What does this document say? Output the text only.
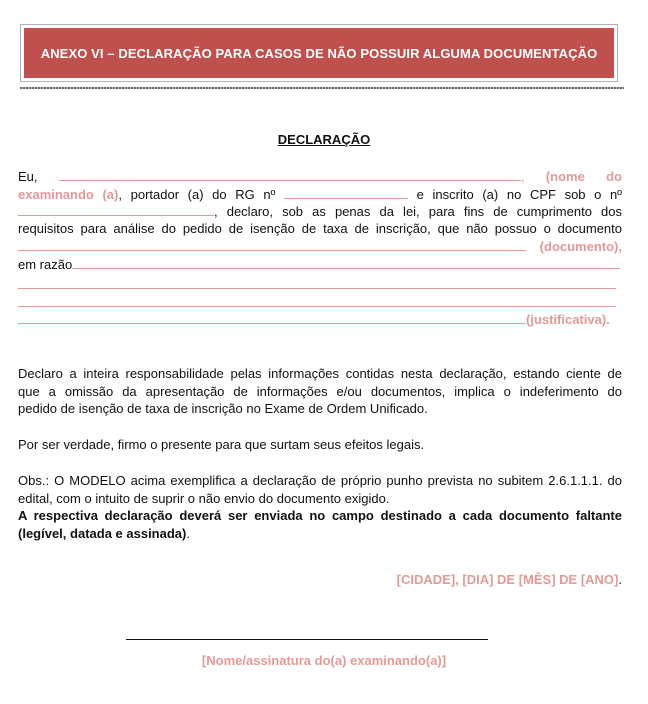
ANEXO VI – DECLARAÇÃO PARA CASOS DE NÃO POSSUIR ALGUMA DOCUMENTAÇÃO
DECLARAÇÃO

Eu,	, (nome do

examinando (a), portador (a) do RG nº	e inscrito (a) no CPF sob o nº

, declaro, sob as penas da lei, para fins de cumprimento dos

requisitos para análise do pedido de isenção de taxa de inscrição, que não possuo o documento

(documento),

em razão

(justificativa).

Declaro a inteira responsabilidade pelas informações contidas nesta declaração, estando ciente de

que a omissão da apresentação de informações e/ou documentos, implica o indeferimento do

pedido de isenção de taxa de inscrição no Exame de Ordem Unificado.

Por ser verdade, firmo o presente para que surtam seus efeitos legais.

Obs.: O MODELO acima exemplifica a declaração de próprio punho prevista no subitem 2.6.1.1.1. do

edital, com o intuito de suprir o não envio do documento exigido.

A respectiva declaração deverá ser enviada no campo destinado a cada documento faltante

(legível, datada e assinada).

[CIDADE], [DIA] DE [MÊS] DE [ANO].
[Nome/assinatura do(a) examinando(a)]
